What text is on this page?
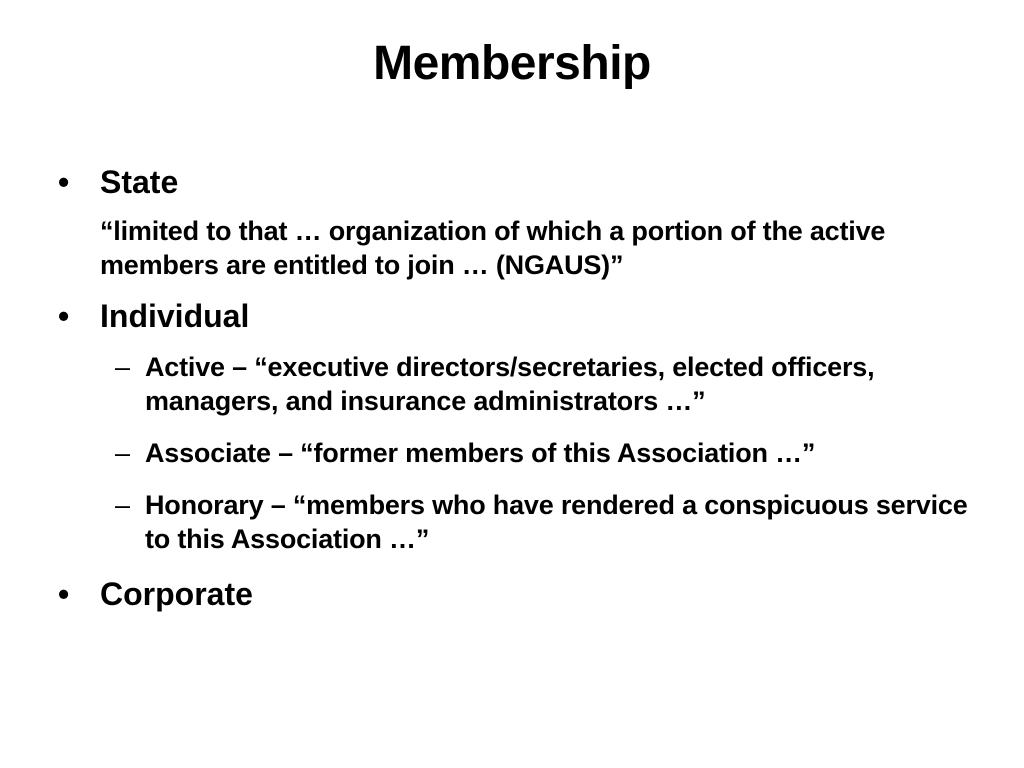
Membership
• State
“limited to that … organization of which a portion of the active members are entitled to join … (NGAUS)”
• Individual
– Active – “executive directors/secretaries, elected officers, managers, and insurance administrators …”
– Associate – “former members of this Association …”
– Honorary – “members who have rendered a conspicuous service to this Association …”
• Corporate
